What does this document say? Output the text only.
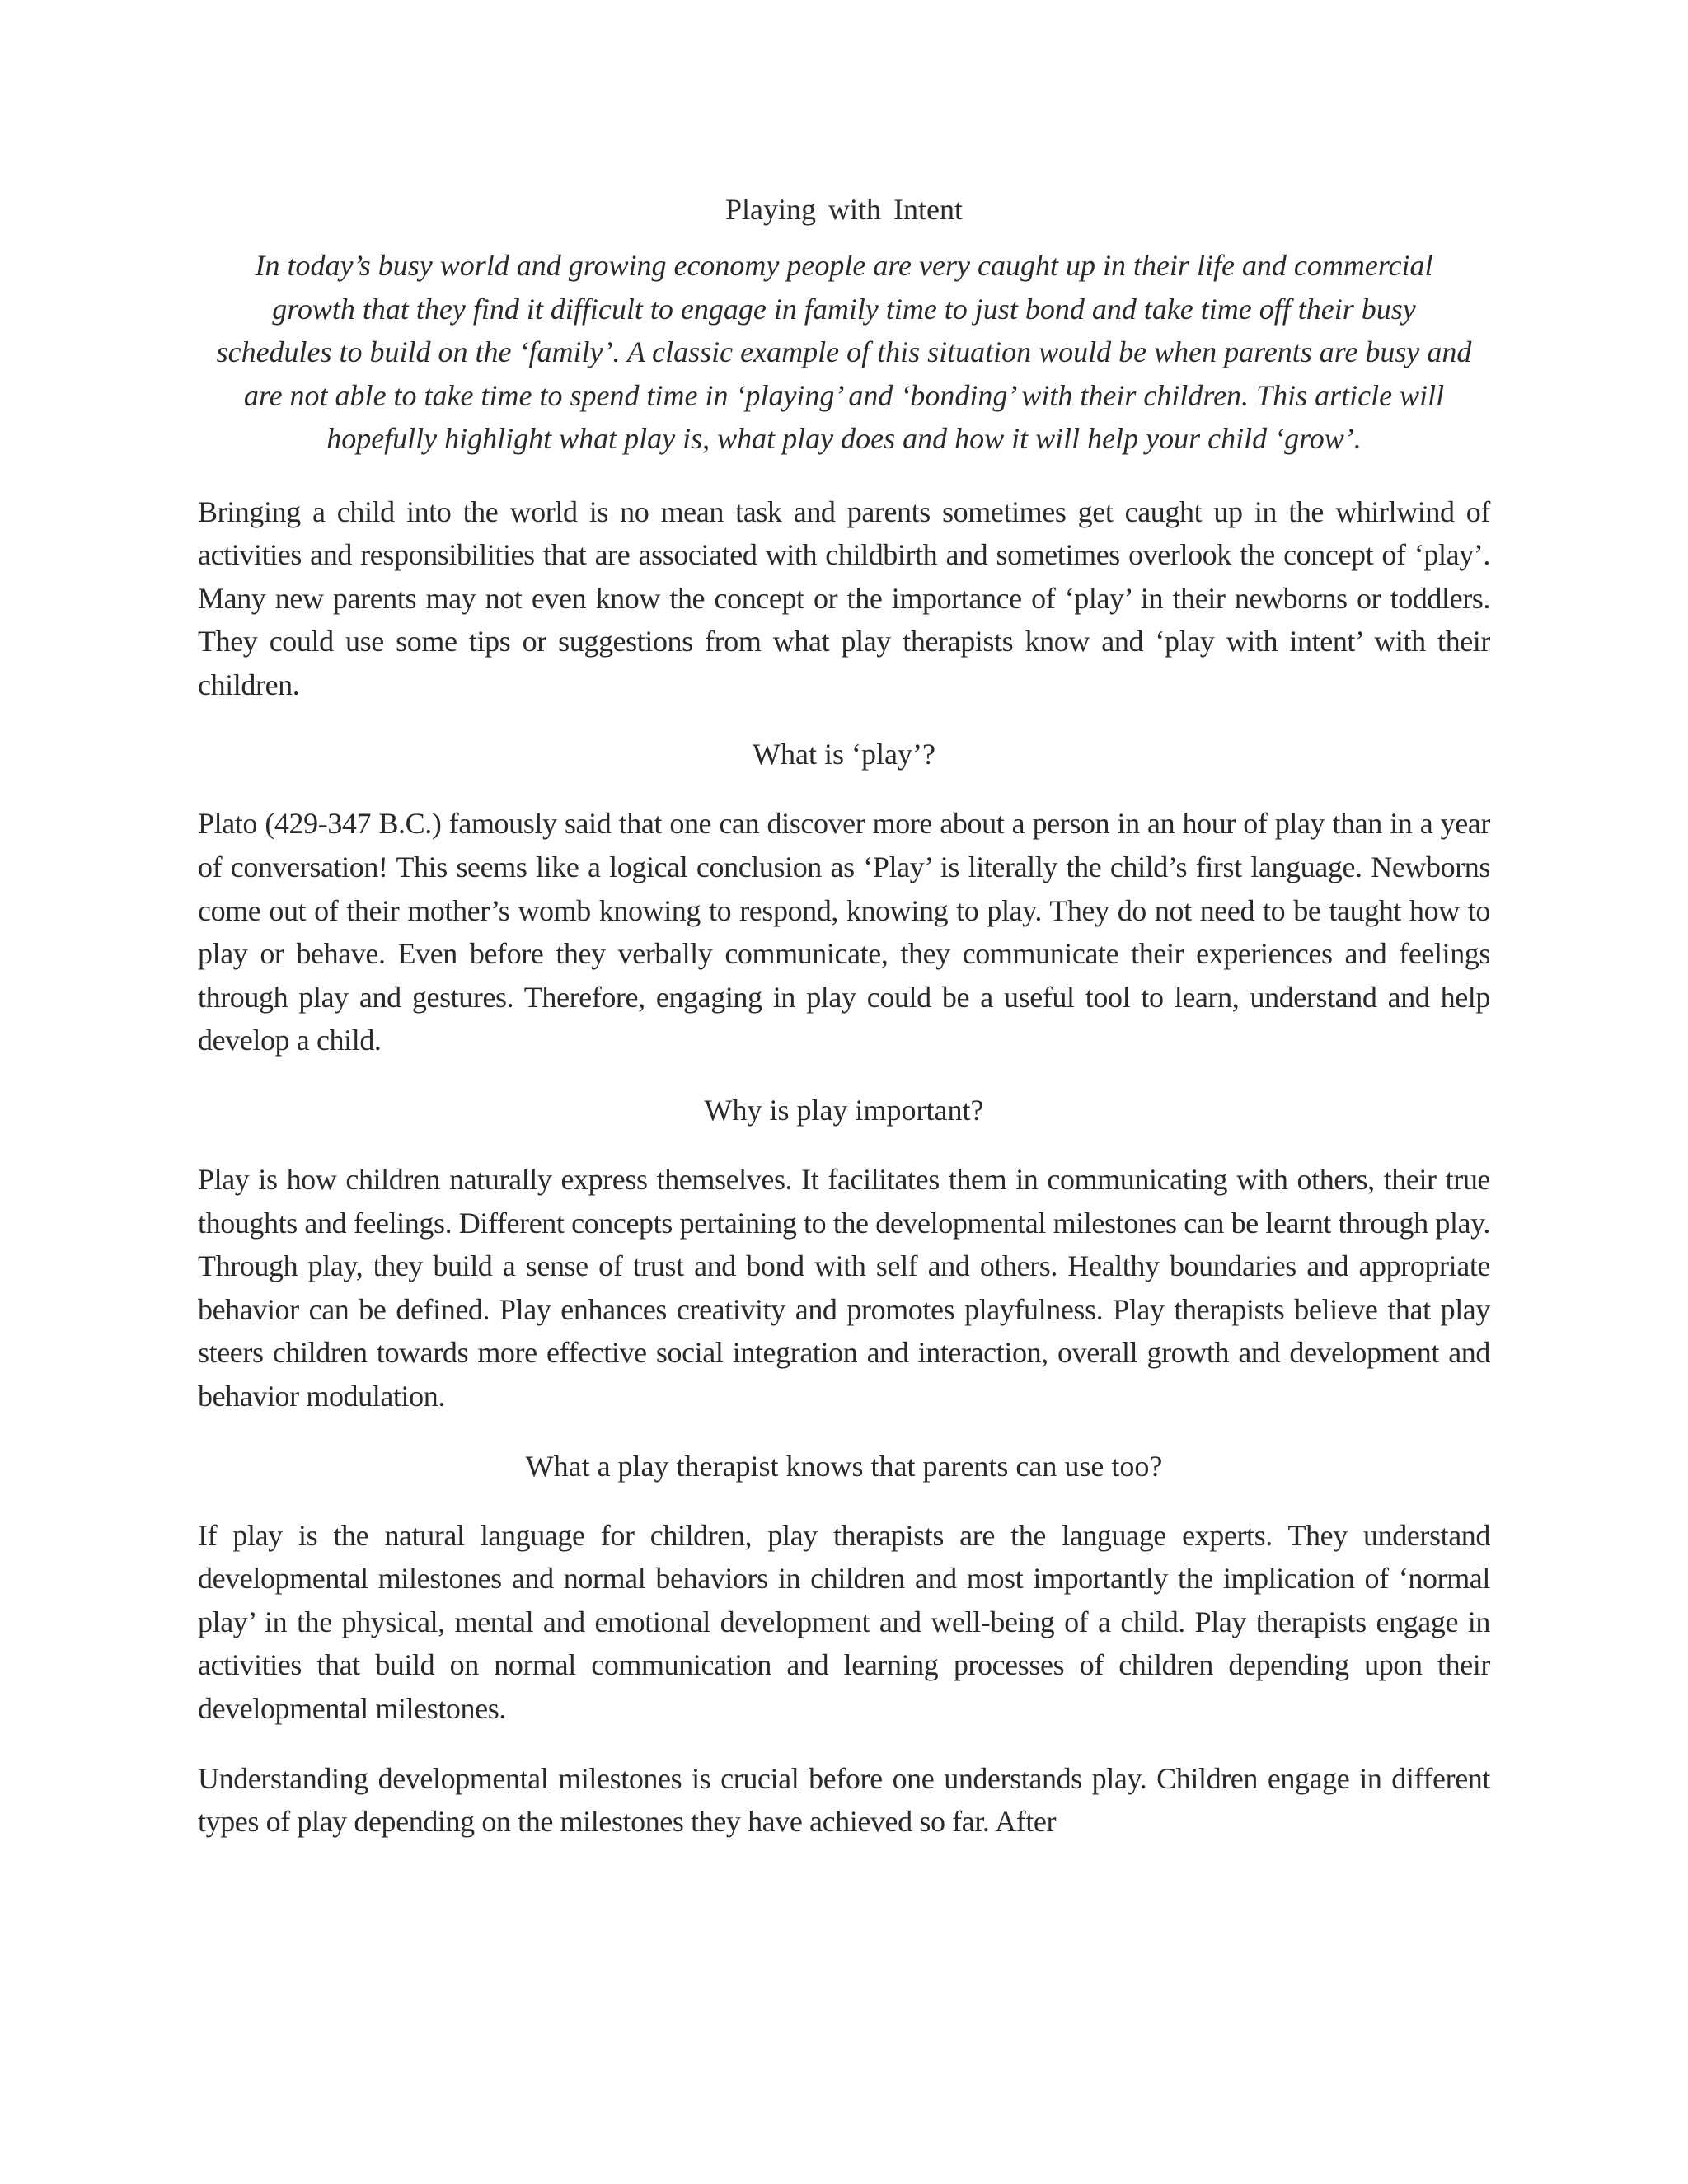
Playing with Intent

In today’s busy world and growing economy people are very caught up in their life and commercial growth that they find it difficult to engage in family time to just bond and take time off their busy schedules to build on the ‘family’. A classic example of this situation would be when parents are busy and are not able to take time to spend time in ‘playing’ and ‘bonding’ with their children. This article will hopefully highlight what play is, what play does and how it will help your child ‘grow’.

Bringing a child into the world is no mean task and parents sometimes get caught up in the whirlwind of activities and responsibilities that are associated with childbirth and sometimes overlook the concept of ‘play’. Many new parents may not even know the concept or the importance of ‘play’ in their newborns or toddlers. They could use some tips or suggestions from what play therapists know and ‘play with intent’ with their children.

What is ‘play’?

Plato (429-347 B.C.) famously said that one can discover more about a person in an hour of play than in a year of conversation! This seems like a logical conclusion as ‘Play’ is literally the child’s first language. Newborns come out of their mother’s womb knowing to respond, knowing to play. They do not need to be taught how to play or behave. Even before they verbally communicate, they communicate their experiences and feelings through play and gestures. Therefore, engaging in play could be a useful tool to learn, understand and help develop a child.

Why is play important?

Play is how children naturally express themselves. It facilitates them in communicating with others, their true thoughts and feelings. Different concepts pertaining to the developmental milestones can be learnt through play. Through play, they build a sense of trust and bond with self and others. Healthy boundaries and appropriate behavior can be defined. Play enhances creativity and promotes playfulness. Play therapists believe that play steers children towards more effective social integration and interaction, overall growth and development and behavior modulation.

What a play therapist knows that parents can use too?

If play is the natural language for children, play therapists are the language experts. They understand developmental milestones and normal behaviors in children and most importantly the implication of ‘normal play’ in the physical, mental and emotional development and well-being of a child. Play therapists engage in activities that build on normal communication and learning processes of children depending upon their developmental milestones.

Understanding developmental milestones is crucial before one understands play. Children engage in different types of play depending on the milestones they have achieved so far. After
